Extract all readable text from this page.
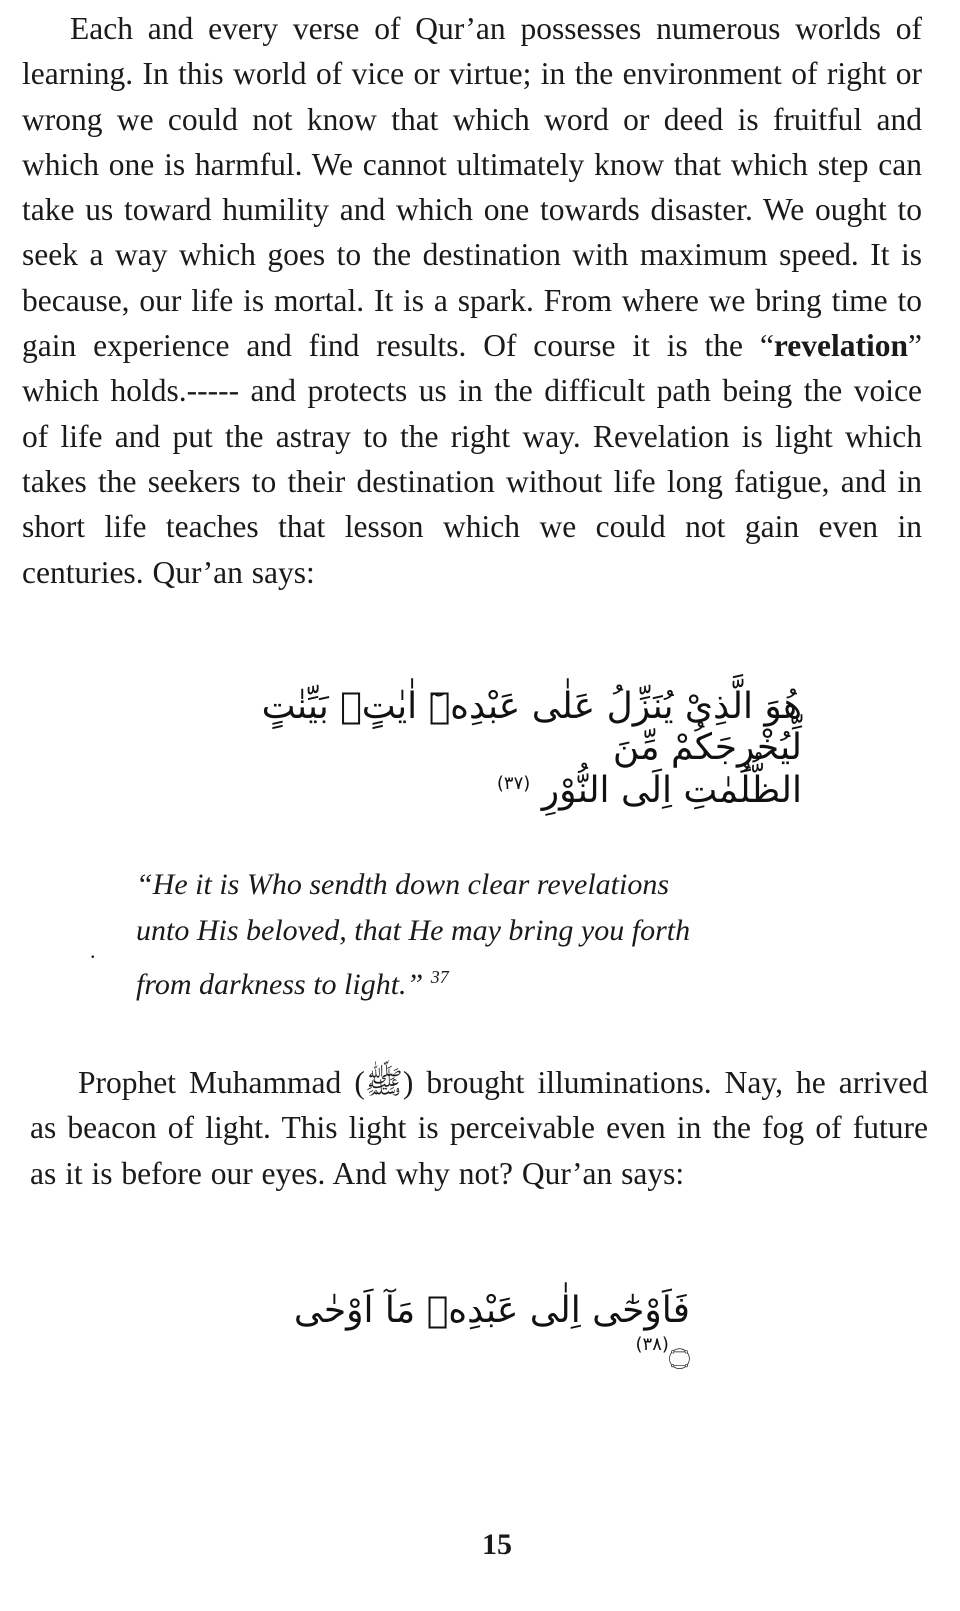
Each and every verse of Qur’an possesses numerous worlds of learning. In this world of vice or virtue; in the environment of right or wrong we could not know that which word or deed is fruitful and which one is harmful. We cannot ultimately know that which step can take us toward humility and which one towards disaster. We ought to seek a way which goes to the destination with maximum speed. It is because, our life is mortal. It is a spark. From where we bring time to gain experience and find results. Of course it is the “revelation” which holds.----- and protects us in the difficult path being the voice of life and put the astray to the right way. Revelation is light which takes the seekers to their destination without life long fatigue, and in short life teaches that lesson which we could not gain even in centuries. Qur’an says:
هُوَ الَّذِىْ يُنَزِّلُ عَلٰى عَبْدِهٖٓ اٰيٰتٍۢ بَيِّنٰتٍ لِّيُخْرِجَكُمْ مِّنَ
الظُّلُمٰتِ اِلَى النُّوْرِ $^{(٣٧)}$
.
“He it is Who sendth down clear revelations
unto His beloved, that He may bring you forth
from darkness to light.” $^{37}$
Prophet Muhammad (ﷺ) brought illuminations. Nay, he arrived as beacon of light. This light is perceivable even in the fog of future as it is before our eyes. And why not? Qur’an says:
فَاَوْحٰٓى اِلٰى عَبْدِهٖ مَآ اَوْحٰى ۝$^{(٣٨)}$
15
